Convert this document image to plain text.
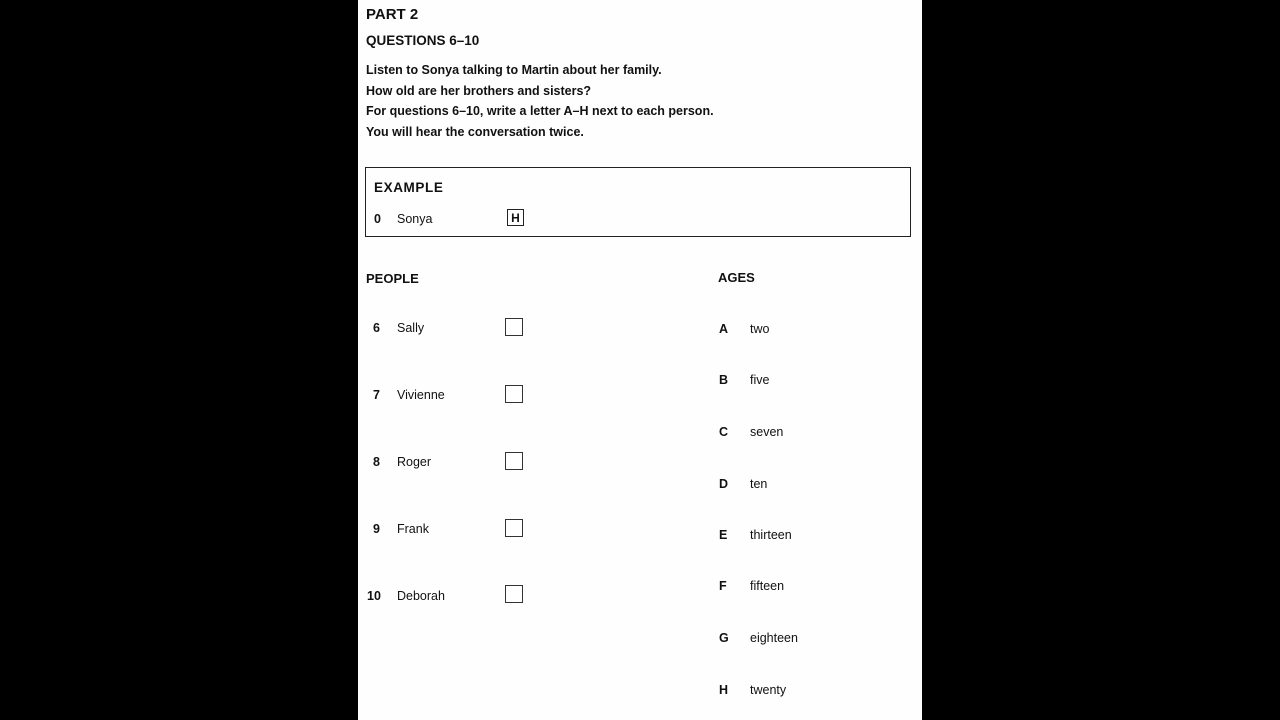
PART 2
QUESTIONS 6–10
Listen to Sonya talking to Martin about her family.
How old are her brothers and sisters?
For questions 6–10, write a letter A–H next to each person.
You will hear the conversation twice.
EXAMPLE
0 Sonya	H
PEOPLE	AGES
6 Sally
7 Vivienne
8 Roger
9 Frank
10 Deborah
A two
B five
C seven
D ten
E thirteen
F fifteen
G eighteen
H twenty
